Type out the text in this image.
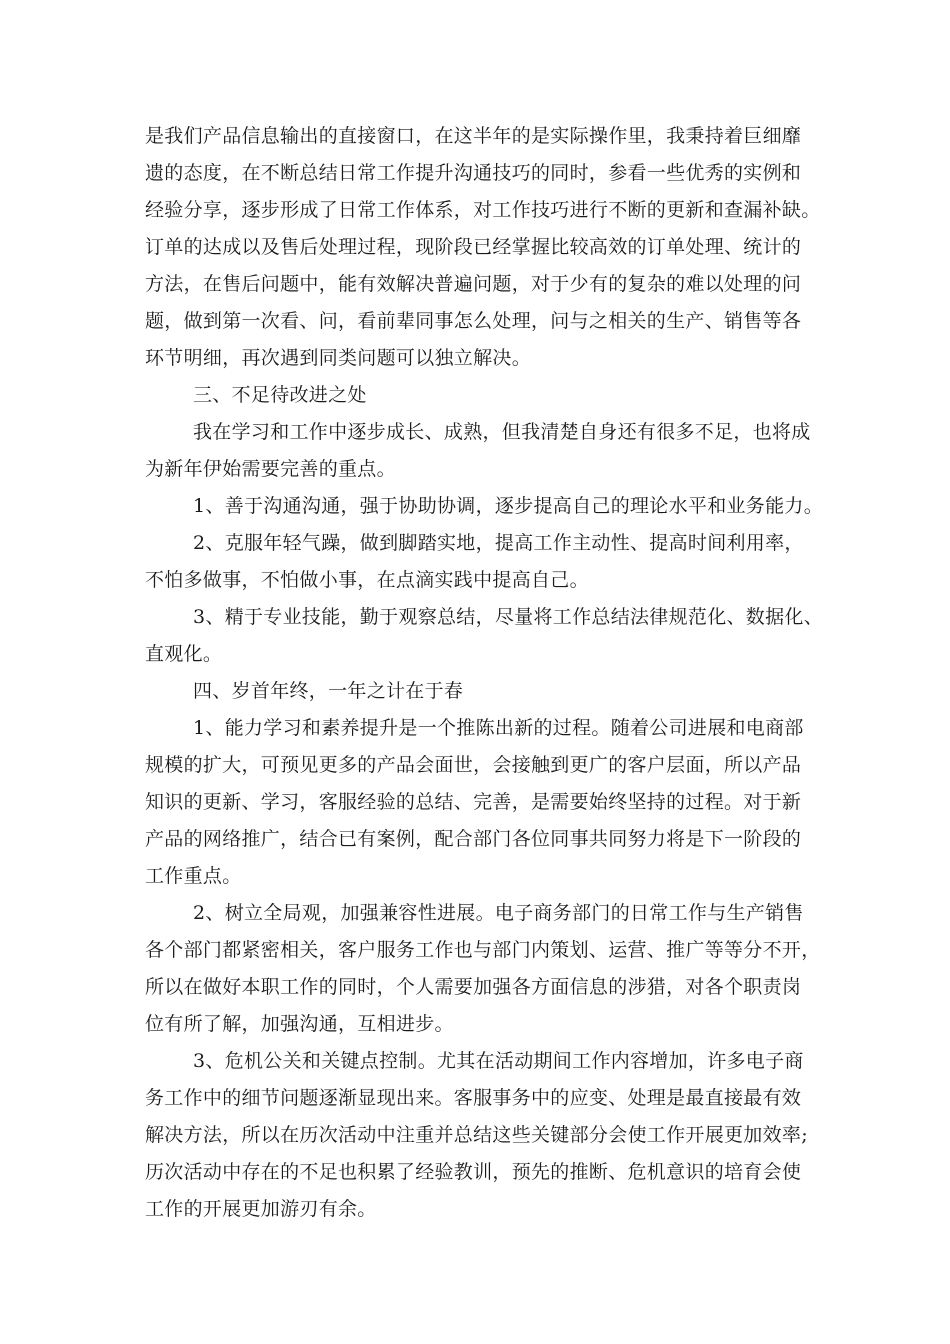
是我们产品信息输出的直接窗口，在这半年的是实际操作里，我秉持着巨细靡
遗的态度，在不断总结日常工作提升沟通技巧的同时，参看一些优秀的实例和
经验分享，逐步形成了日常工作体系，对工作技巧进行不断的更新和查漏补缺。
订单的达成以及售后处理过程，现阶段已经掌握比较高效的订单处理、统计的
方法，在售后问题中，能有效解决普遍问题，对于少有的复杂的难以处理的问
题，做到第一次看、问，看前辈同事怎么处理，问与之相关的生产、销售等各
环节明细，再次遇到同类问题可以独立解决。
三、不足待改进之处
我在学习和工作中逐步成长、成熟，但我清楚自身还有很多不足，也将成
为新年伊始需要完善的重点。
1、善于沟通沟通，强于协助协调，逐步提高自己的理论水平和业务能力。
2、克服年轻气躁，做到脚踏实地，提高工作主动性、提高时间利用率，
不怕多做事，不怕做小事，在点滴实践中提高自己。
3、精于专业技能，勤于观察总结，尽量将工作总结法律规范化、数据化、
直观化。
四、岁首年终，一年之计在于春
1、能力学习和素养提升是一个推陈出新的过程。随着公司进展和电商部
规模的扩大，可预见更多的产品会面世，会接触到更广的客户层面，所以产品
知识的更新、学习，客服经验的总结、完善，是需要始终坚持的过程。对于新
产品的网络推广，结合已有案例，配合部门各位同事共同努力将是下一阶段的
工作重点。
2、树立全局观，加强兼容性进展。电子商务部门的日常工作与生产销售
各个部门都紧密相关，客户服务工作也与部门内策划、运营、推广等等分不开，
所以在做好本职工作的同时，个人需要加强各方面信息的涉猎，对各个职责岗
位有所了解，加强沟通，互相进步。
3、危机公关和关键点控制。尤其在活动期间工作内容增加，许多电子商
务工作中的细节问题逐渐显现出来。客服事务中的应变、处理是最直接最有效
解决方法，所以在历次活动中注重并总结这些关键部分会使工作开展更加效率;
历次活动中存在的不足也积累了经验教训，预先的推断、危机意识的培育会使
工作的开展更加游刃有余。
